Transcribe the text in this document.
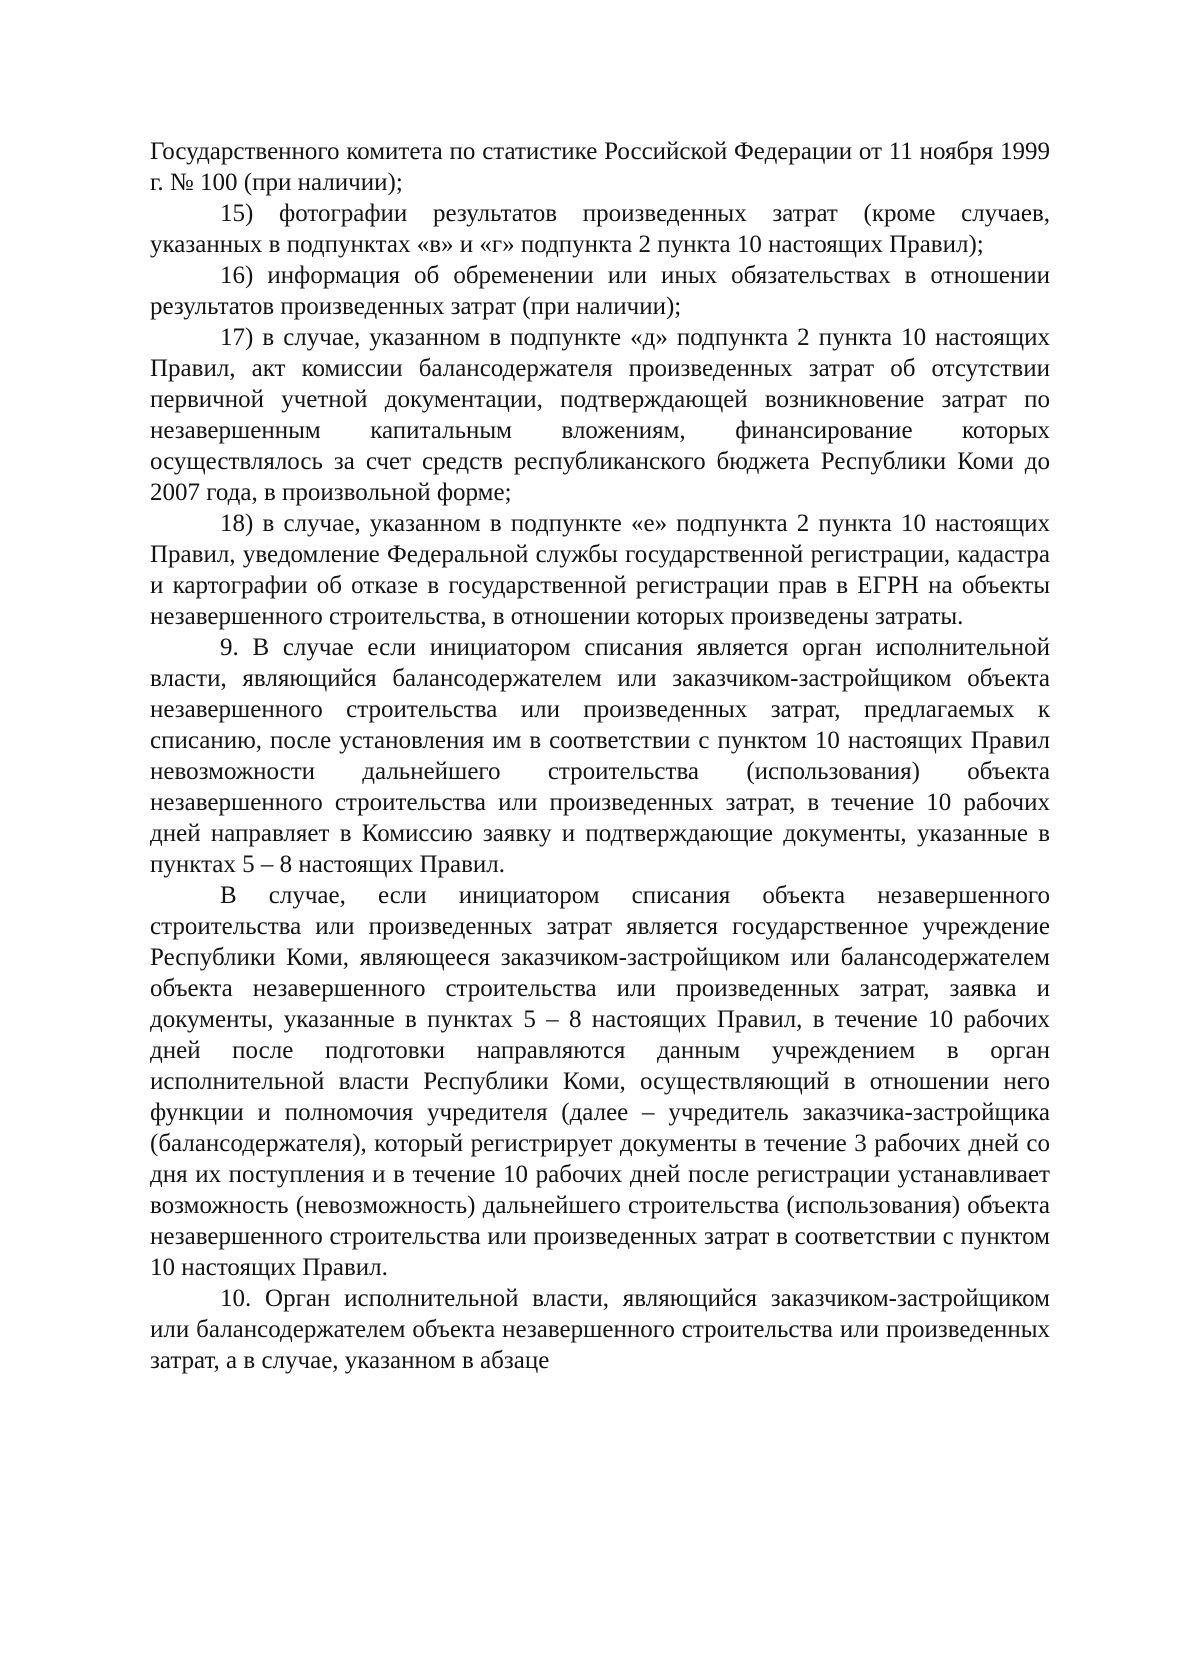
Государственного комитета по статистике Российской Федерации от 11 ноября 1999 г. № 100 (при наличии);

15) фотографии результатов произведенных затрат (кроме случаев, указанных в подпунктах «в» и «г» подпункта 2 пункта 10 настоящих Правил);

16) информация об обременении или иных обязательствах в отношении результатов произведенных затрат (при наличии);

17) в случае, указанном в подпункте «д» подпункта 2 пункта 10 настоящих Правил, акт комиссии балансодержателя произведенных затрат об отсутствии первичной учетной документации, подтверждающей возникновение затрат по незавершенным капитальным вложениям, финансирование которых осуществлялось за счет средств республиканского бюджета Республики Коми до 2007 года, в произвольной форме;

18) в случае, указанном в подпункте «е» подпункта 2 пункта 10 настоящих Правил, уведомление Федеральной службы государственной регистрации, кадастра и картографии об отказе в государственной регистрации прав в ЕГРН на объекты незавершенного строительства, в отношении которых произведены затраты.

9. В случае если инициатором списания является орган исполнительной власти, являющийся балансодержателем или заказчиком-застройщиком объекта незавершенного строительства или произведенных затрат, предлагаемых к списанию, после установления им в соответствии с пунктом 10 настоящих Правил невозможности дальнейшего строительства (использования) объекта незавершенного строительства или произведенных затрат, в течение 10 рабочих дней направляет в Комиссию заявку и подтверждающие документы, указанные в пунктах 5 – 8 настоящих Правил.

В случае, если инициатором списания объекта незавершенного строительства или произведенных затрат является государственное учреждение Республики Коми, являющееся заказчиком-застройщиком или балансодержателем объекта незавершенного строительства или произведенных затрат, заявка и документы, указанные в пунктах 5 – 8 настоящих Правил, в течение 10 рабочих дней после подготовки направляются данным учреждением в орган исполнительной власти Республики Коми, осуществляющий в отношении него функции и полномочия учредителя (далее – учредитель заказчика-застройщика (балансодержателя), который регистрирует документы в течение 3 рабочих дней со дня их поступления и в течение 10 рабочих дней после регистрации устанавливает возможность (невозможность) дальнейшего строительства (использования) объекта незавершенного строительства или произведенных затрат в соответствии с пунктом 10 настоящих Правил.

10. Орган исполнительной власти, являющийся заказчиком-застройщиком или балансодержателем объекта незавершенного строительства или произведенных затрат, а в случае, указанном в абзаце
